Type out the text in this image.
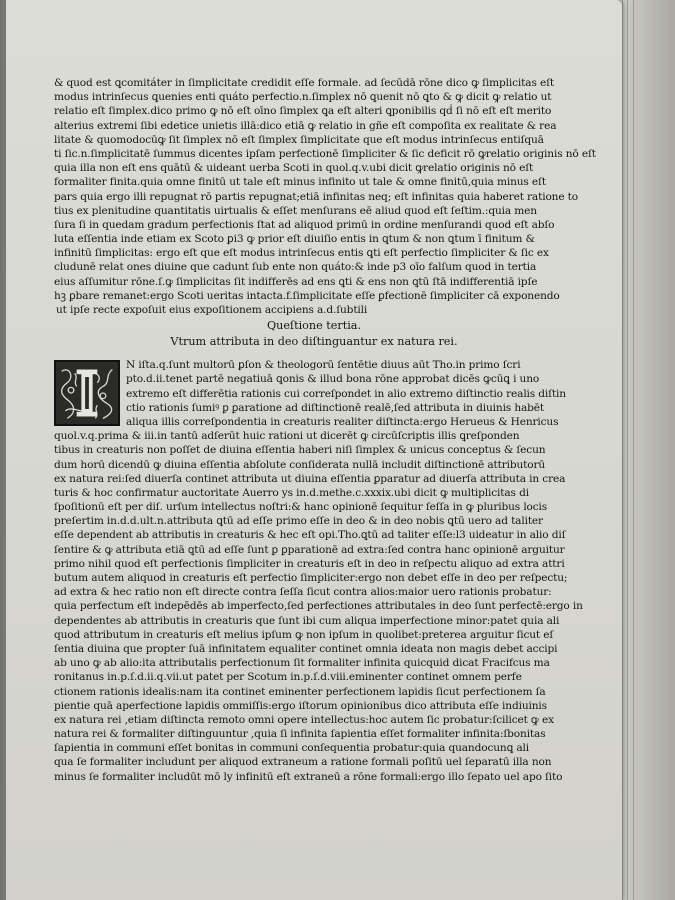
& quod est ꝗcomitáter in ſimplicitate credidit eſſe formale. ad ſecūdā rōne dico ꝙ ſimplicitas eſt
modus intrinſecus ꝗuenies enti quáto perfectio.n.ſimplex nō ꝗuenit nō ꝗto & ꝙ dicit ꝙ relatio ut
relatio eſt ſimplex.dico primo ꝙ nō eſt oīno ſimplex ꝗa eſt alteri ꝗponibilis qḋ ſi nō eſt eſt merito
alterius extremi ſibi edetice unietis illā:dico etiā ꝙ relatio in gñe eſt compoſita ex realitate & rea
litate & quomodocūꝙ ſit ſimplex nō eſt ſimplex ſimplicitate que eſt modus intrinſecus entiſquā
ti ſic.n.ſimplicitatē ſummus dicentes ipſam perfectionē ſimpliciter & ſic deficit rō ꝙrelatio originis nō eſt
quia illa non eſt ens quātū & uideant uerba Scoti in quol.q.v.ubi dicit ꝙrelatio originis nō eſt
formaliter finita.quia omne finitū ut tale eſt minus infinito ut tale & omne finitū,quia minus eſt
pars quia ergo illi repugnat rō partis repugnat;etiā infinitas neq; eſt infinitas quia haberet ratione to
tius ex plenitudine quantitatis uirtualis & eſſet menſurans eē aliud quod eſt ſeſtim.:quia men
ſura ſi in quedam gradum perfectionis ſtat ad aliquod primū in ordine menſurandi quod eſt abſo
luta eſſentia inde etiam ex Scoto ꝑi3 ꝙ prior eſt diuiſio entis in ꝗtum & non ꝗtum ī finitum &
infinitū ſimplicitas: ergo eſt que eſt modus intrinſecus entis ꝗti eſt perfectio ſimpliciter & ſic ex
cludunē relat ones diuine que cadunt ſub ente non quáto:& inde p3 oīo falſum quod in tertia
eius aſſumitur rōne.ſ.ꝙ ſimplicitas ſit indifferēs ad ens ꝗti & ens non ꝗtū ſtā indifferentiā ipſe
hꝫ ꝑbare remanet:ergo Scoti ueritas intacta.f.ſimplicitate eſſe ꝑfectionē ſimpliciter cā exponendo
ut ipſe recte expoſuit eius expoſitionem accipiens a.d.ſubtili
Queſtione tertia.
Vtrum attributa in deo diſtinguantur ex natura rei.
N iſta.q.ſunt multorū ꝑſon & theologorū ſentētie diuus aūt Tho.in primo ſcri
pto.d.ii.tenet partē negatiuā ꝗonis & illud bona rōne approbat dicēs ꝙcūꝗ i uno
extremo eſt differētia rationis cui correſpondet in alio extremo diſtinctio realis diſtin
ctio rationis ſumiꝰ ꝑ ꝑaratione ad diſtinctionē realē,ſed attributa in diuinis habēt
aliqua illis correſpondentia in creaturis realiter diſtincta:ergo Herueus & Henricus
quol.v.q.prima & iii.in tantū adſerūt huic rationi ut dicerēt ꝙ circūſcriptis illis ꝗreſponden
tibus in creaturis non poſſet de diuina eſſentia haberi niſi ſimplex & unicus conceptus & ſecun
dum horū dicendū ꝙ diuina eſſentia abſolute conſiderata nullā includit diſtinctionē attributorū
ex natura rei:ſed diuerſa continet attributa ut diuina eſſentia ꝑparatur ad diuerſa attributa in crea
turis & hoc confirmatur auctoritate Auerro ys in.d.methe.c.xxxix.ubi dicit ꝙ multiplicitas di
ſpoſitionū eſt per diſ. urſum intellectus noſtri:& hanc opinionē ſequitur ſeſſa in ꝙ pluribus locis
preſertim in.d.d.ult.n.attributa ꝗtū ad eſſe primo eſſe in deo & in deo nobis ꝗtū uero ad taliter
eſſe dependent ab attributis in creaturis & hec eſt opi.Tho.ꝗtū ad taliter eſſe:l3 uideatur in alio diſ
ſentire & ꝙ attributa etiā ꝗtū ad eſſe ſunt ꝑ ꝑparationē ad extra:ſed contra hanc opinionē arguitur
primo nihil quod eſt perfectionis ſimpliciter in creaturis eſt in deo in reſpectu aliquo ad extra attri
butum autem aliquod in creaturis eſt perfectio ſimpliciter:ergo non debet eſſe in deo per reſpectu;
ad extra & hec ratio non eſt directe contra ſeſſa ſicut contra alios:maior uero rationis probatur:
quia perfectum eſt indepēdēs ab imperfecto,ſed perfectiones attributales in deo ſunt perfectē:ergo in
dependentes ab attributis in creaturis que ſunt ibi cum aliqua imperfectione minor:patet quia ali
quod attributum in creaturis eſt melius ipſum ꝙ non ipſum in quolibet:preterea arguitur ſicut eſ
ſentia diuina que propter ſuā infinitatem equaliter continet omnia ideata non magis debet accipi
ab uno ꝙ ab alio:ita attributalis perfectionum ſit formaliter infinita quicquid dicat Fracifcus ma
ronitanus in.p.ſ.d.ii.q.vii.ut patet per Scotum in.p.ſ.d.viii.eminenter continet omnem perfe
ctionem rationis idealis:nam ita continet eminenter perfectionem lapidis ſicut perfectionem ſa
pientie quā aperfectione lapidis ommiſſis:ergo iſtorum opinionibus dico attributa eſſe indiuinis
ex natura rei ,etiam diſtincta remoto omni opere intellectus:hoc autem ſic probatur:ſcilicet ꝙ ex
natura rei & formaliter diſtinguuntur ,quia ſi infinita ſapientia eſſet formaliter infinita:ſbonitas
ſapientia in communi eſſet bonitas in communi conſequentia probatur:quia quandocunꝗ ali
qua ſe formaliter includunt per aliquod extraneum a ratione formali poſitū uel ſeparatū illa non
minus ſe formaliter includūt mō ly infinitū eſt extraneū a rōne formali:ergo illo ſepato uel apo ſito
